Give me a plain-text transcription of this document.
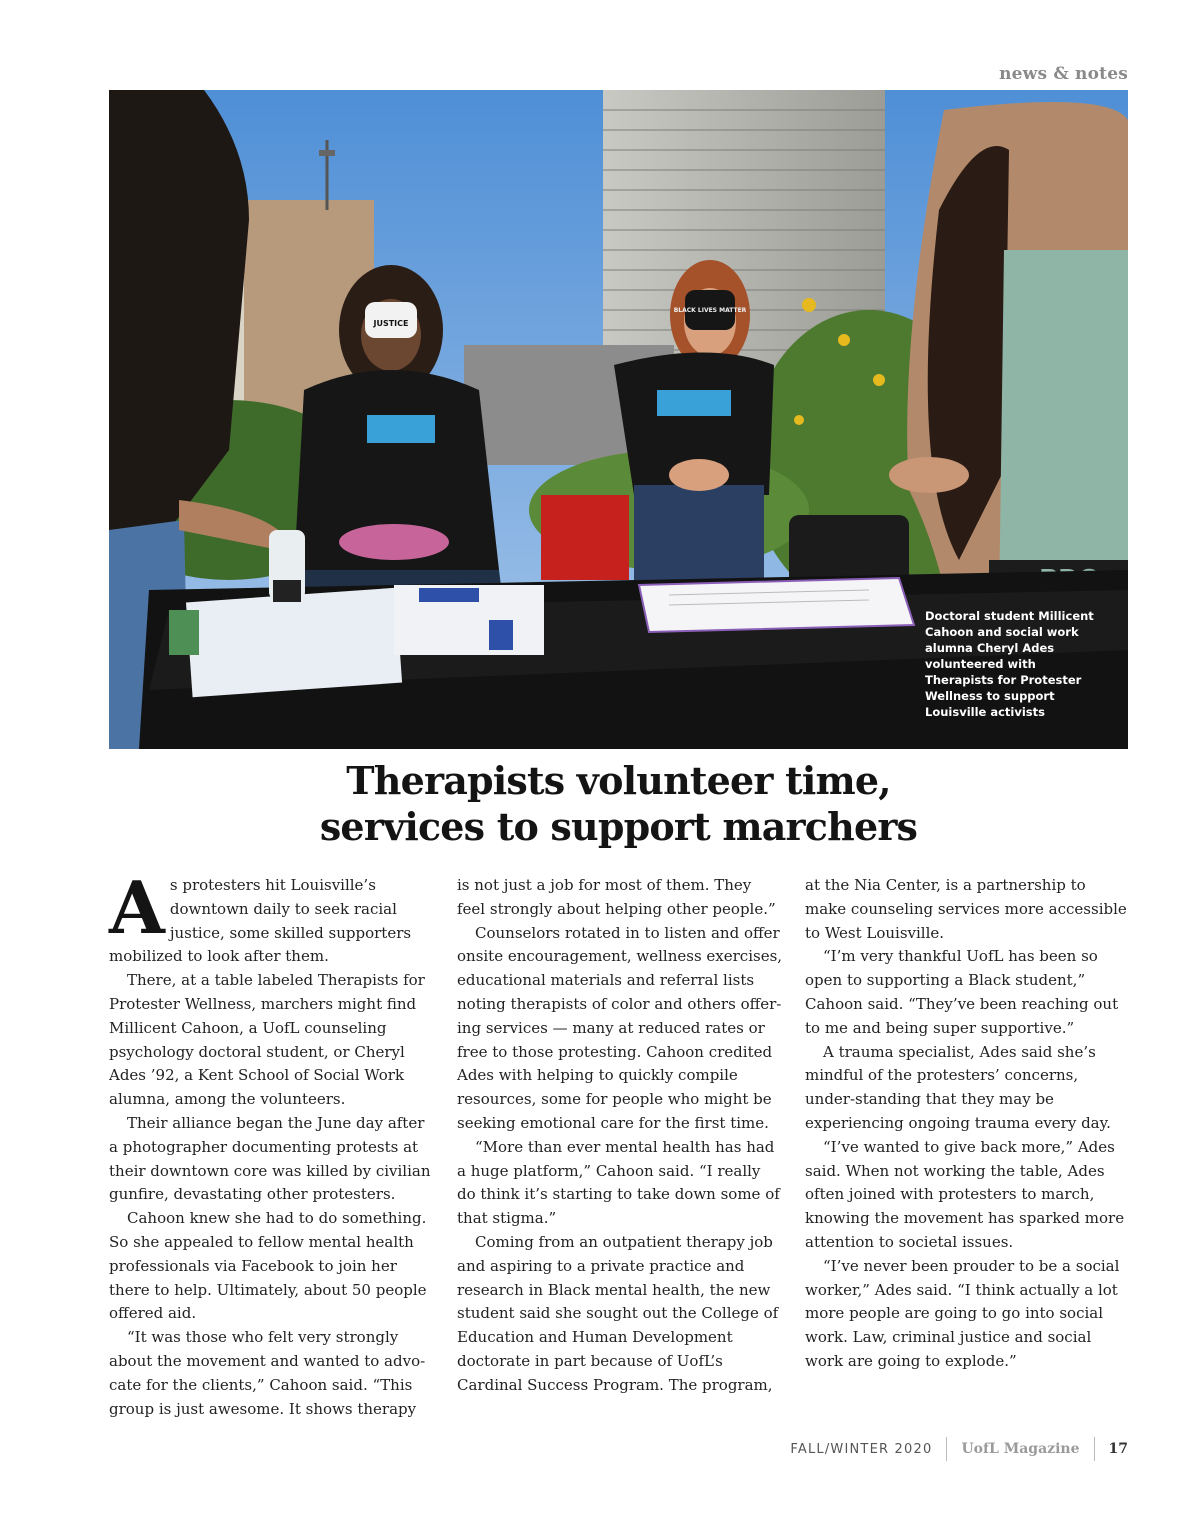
news & notes
JUSTICE
BLACK LIVES MATTER
Doctoral student Millicent Cahoon and social work alumna Cheryl Ades volunteered with Therapists for Protester Wellness to support Louisville activists
Therapists volunteer time,
services to support marchers

As protesters hit Louisville’s downtown daily to seek racial justice, some skilled supporters mobilized to look after them.

There, at a table labeled Therapists for Protester Wellness, marchers might find Millicent Cahoon, a UofL counseling psychology doctoral student, or Cheryl Ades ’92, a Kent School of Social Work alumna, among the volunteers.

Their alliance began the June day after a photographer documenting protests at their downtown core was killed by civilian gunfire, devastating other protesters.

Cahoon knew she had to do something. So she appealed to fellow mental health professionals via Facebook to join her there to help. Ultimately, about 50 people offered aid.

“It was those who felt very strongly about the movement and wanted to advo-cate for the clients,” Cahoon said. “This group is just awesome. It shows therapy

is not just a job for most of them. They feel strongly about helping other people.”

Counselors rotated in to listen and offer onsite encouragement, wellness exercises, educational materials and referral lists noting therapists of color and others offer-ing services — many at reduced rates or free to those protesting. Cahoon credited Ades with helping to quickly compile resources, some for people who might be seeking emotional care for the first time.

“More than ever mental health has had a huge platform,” Cahoon said. “I really do think it’s starting to take down some of that stigma.”

Coming from an outpatient therapy job and aspiring to a private practice and research in Black mental health, the new student said she sought out the College of Education and Human Development doctorate in part because of UofL’s Cardinal Success Program. The program,

at the Nia Center, is a partnership to make counseling services more accessible to West Louisville.

“I’m very thankful UofL has been so open to supporting a Black student,” Cahoon said. “They’ve been reaching out to me and being super supportive.”

A trauma specialist, Ades said she’s mindful of the protesters’ concerns, under-standing that they may be experiencing ongoing trauma every day.

“I’ve wanted to give back more,” Ades said. When not working the table, Ades often joined with protesters to march, knowing the movement has sparked more attention to societal issues.

“I’ve never been prouder to be a social worker,” Ades said. “I think actually a lot more people are going to go into social work. Law, criminal justice and social work are going to explode.”

FALL/WINTER 2020	UofL Magazine	17
